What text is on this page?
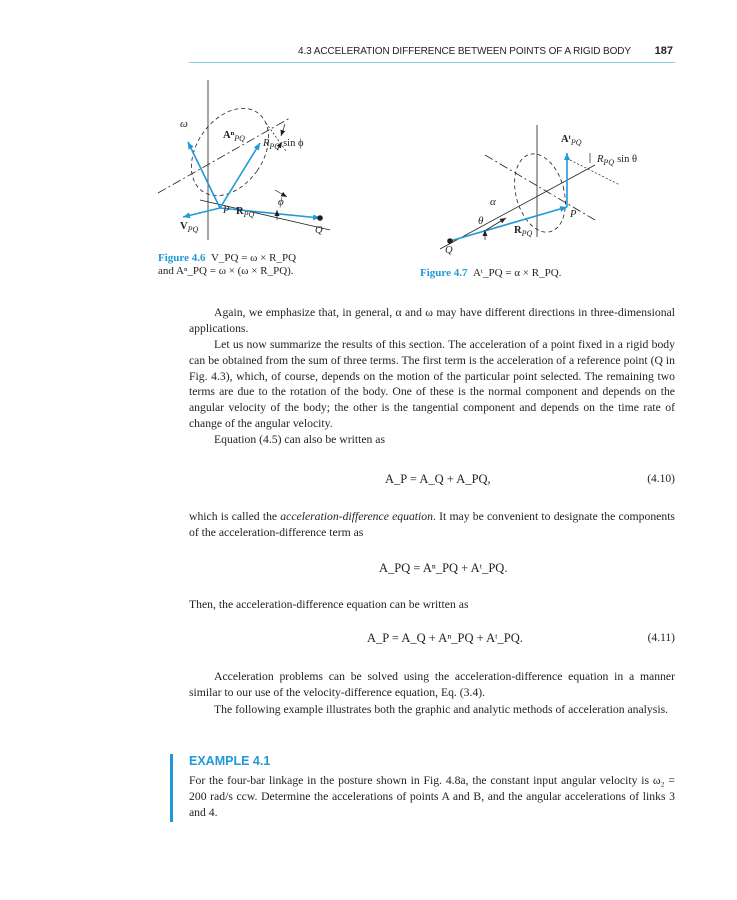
4.3 ACCELERATION DIFFERENCE BETWEEN POINTS OF A RIGID BODY 187
ω
Aⁿ$_{PQ}$ $R_{PQ}$ sin ϕ
ϕ
P $R_{PQ}$
Q
$V_{PQ}$
Figure 4.6 V_PQ = ω × R_PQ
and Aⁿ_PQ = ω × (ω × R_PQ).
Aᵗ$_{PQ}$
$R_{PQ}$ sin θ
α
θ
P
$R_{PQ}$
Q
Figure 4.7 Aᵗ_PQ = α × R_PQ.

Again, we emphasize that, in general, α and ω may have different directions in three-dimensional applications.

Let us now summarize the results of this section. The acceleration of a point fixed in a rigid body can be obtained from the sum of three terms. The first term is the acceleration of a reference point (Q in Fig. 4.3), which, of course, depends on the motion of the particular point selected. The remaining two terms are due to the rotation of the body. One of these is the normal component and depends on the angular velocity of the body; the other is the tangential component and depends on the time rate of change of the angular velocity.

Equation (4.5) can also be written as

A_P = A_Q + A_PQ,	(4.10)

which is called the acceleration-difference equation. It may be convenient to designate the components of the acceleration-difference term as

A_PQ = Aⁿ_PQ + Aᵗ_PQ.

Then, the acceleration-difference equation can be written as

A_P = A_Q + Aⁿ_PQ + Aᵗ_PQ.	(4.11)

Acceleration problems can be solved using the acceleration-difference equation in a manner similar to our use of the velocity-difference equation, Eq. (3.4).

The following example illustrates both the graphic and analytic methods of acceleration analysis.

EXAMPLE 4.1

For the four-bar linkage in the posture shown in Fig. 4.8a, the constant input angular velocity is ω₂ = 200 rad/s ccw. Determine the accelerations of points A and B, and the angular accelerations of links 3 and 4.
